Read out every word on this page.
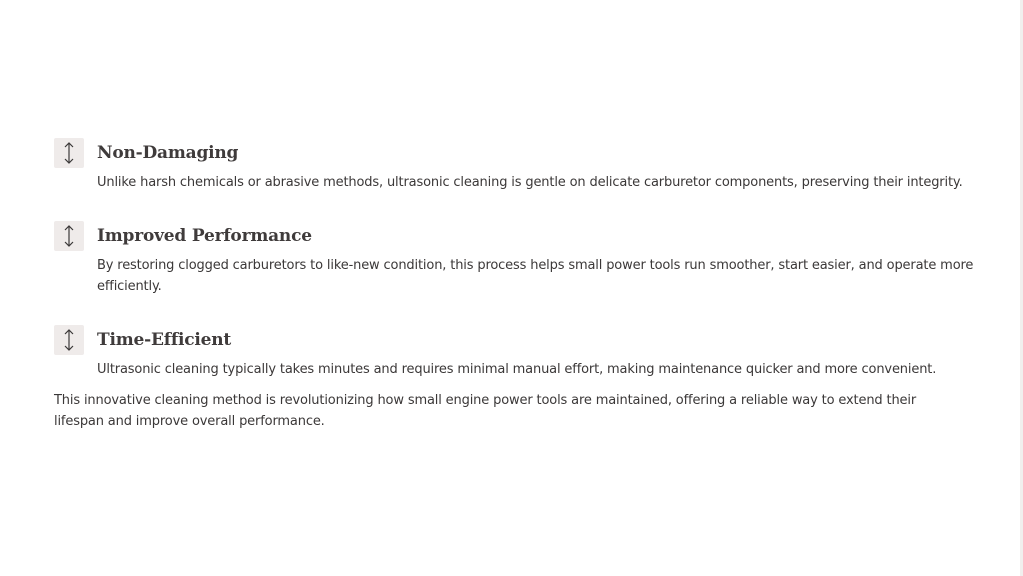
Non-Damaging

Unlike harsh chemicals or abrasive methods, ultrasonic cleaning is gentle on delicate carburetor components, preserving their integrity.

Improved Performance

By restoring clogged carburetors to like-new condition, this process helps small power tools run smoother, start easier, and operate more efficiently.

Time-Efficient

Ultrasonic cleaning typically takes minutes and requires minimal manual effort, making maintenance quicker and more convenient.

This innovative cleaning method is revolutionizing how small engine power tools are maintained, offering a reliable way to extend their lifespan and improve overall performance.
